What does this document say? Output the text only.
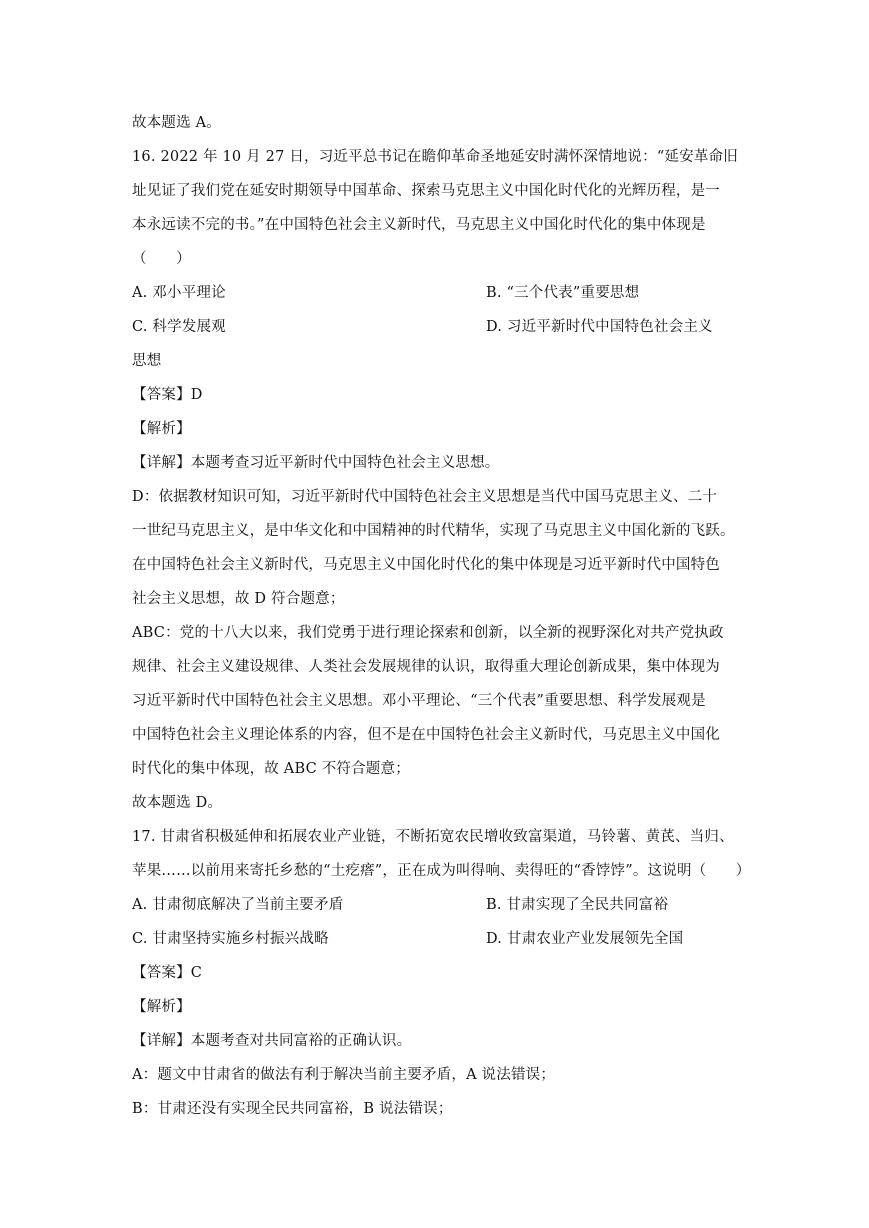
故本题选 A。
16. 2022 年 10 月 27 日，习近平总书记在瞻仰革命圣地延安时满怀深情地说：“延安革命旧
址见证了我们党在延安时期领导中国革命、探索马克思主义中国化时代化的光辉历程，是一
本永远读不完的书。”在中国特色社会主义新时代，马克思主义中国化时代化的集中体现是
（　　）
A. 邓小平理论	B. “三个代表”重要思想
C. 科学发展观	D. 习近平新时代中国特色社会主义
思想
【答案】D
【解析】
【详解】本题考查习近平新时代中国特色社会主义思想。
D：依据教材知识可知，习近平新时代中国特色社会主义思想是当代中国马克思主义、二十
一世纪马克思主义，是中华文化和中国精神的时代精华，实现了马克思主义中国化新的飞跃。
在中国特色社会主义新时代，马克思主义中国化时代化的集中体现是习近平新时代中国特色
社会主义思想，故 D 符合题意；
ABC：党的十八大以来，我们党勇于进行理论探索和创新，以全新的视野深化对共产党执政
规律、社会主义建设规律、人类社会发展规律的认识，取得重大理论创新成果，集中体现为
习近平新时代中国特色社会主义思想。邓小平理论、“三个代表”重要思想、科学发展观是
中国特色社会主义理论体系的内容，但不是在中国特色社会主义新时代，马克思主义中国化
时代化的集中体现，故 ABC 不符合题意；
故本题选 D。
17. 甘肃省积极延伸和拓展农业产业链，不断拓宽农民增收致富渠道，马铃薯、黄芪、当归、
苹果……以前用来寄托乡愁的“土疙瘩”，正在成为叫得响、卖得旺的“香饽饽”。这说明（　　）
A. 甘肃彻底解决了当前主要矛盾	B. 甘肃实现了全民共同富裕
C. 甘肃坚持实施乡村振兴战略	D. 甘肃农业产业发展领先全国
【答案】C
【解析】
【详解】本题考查对共同富裕的正确认识。
A：题文中甘肃省的做法有利于解决当前主要矛盾，A 说法错误；
B：甘肃还没有实现全民共同富裕，B 说法错误；
